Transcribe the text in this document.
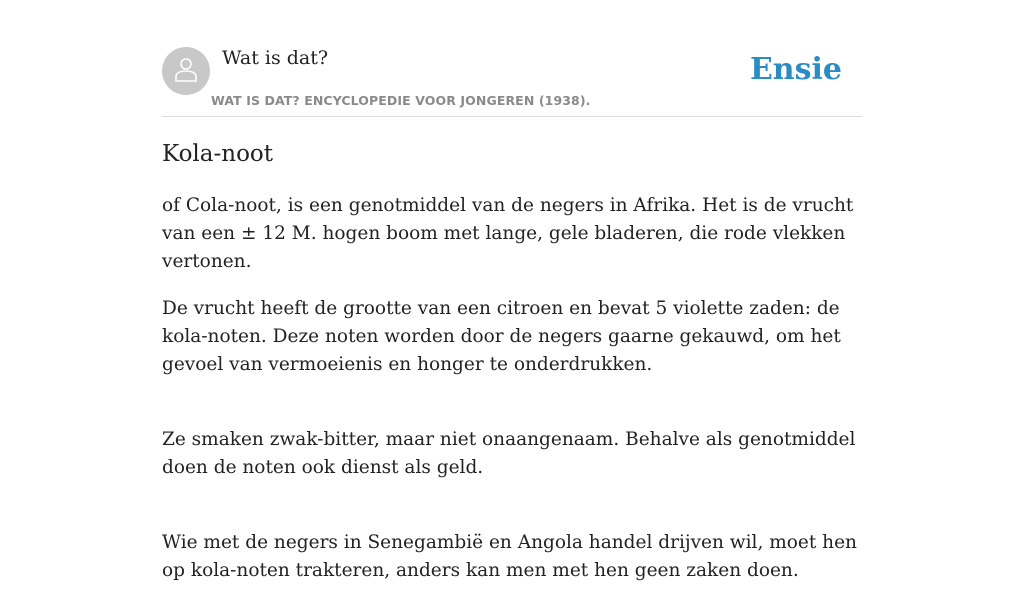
Wat is dat?
WAT IS DAT? ENCYCLOPEDIE VOOR JONGEREN (1938).
Ensie
Kola-noot

of Cola-noot, is een genotmiddel van de negers in Afrika. Het is de vrucht van een ± 12 M. hogen boom met lange, gele bladeren, die rode vlekken vertonen.

De vrucht heeft de grootte van een citroen en bevat 5 violette zaden: de kola-noten. Deze noten worden door de negers gaarne gekauwd, om het gevoel van vermoeienis en honger te onderdrukken.

Ze smaken zwak-bitter, maar niet onaangenaam. Behalve als genotmiddel doen de noten ook dienst als geld.

Wie met de negers in Senegambië en Angola handel drijven wil, moet hen op kola-noten trakteren, anders kan men met hen geen zaken doen.
